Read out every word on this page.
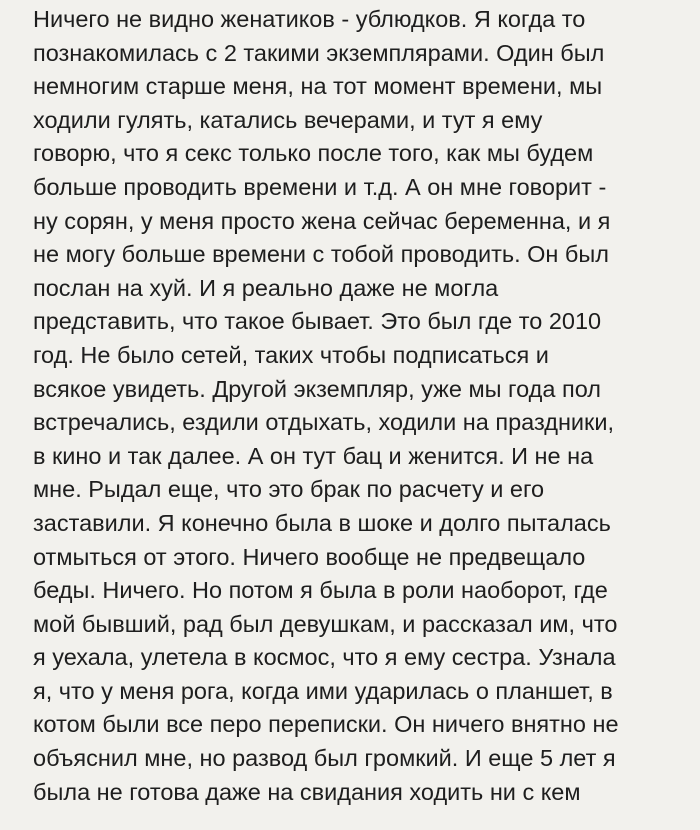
Ничего не видно женатиков - ублюдков. Я когда то
познакомилась с 2 такими экземплярами. Один был
немногим старше меня, на тот момент времени, мы
ходили гулять, катались вечерами, и тут я ему
говорю, что я секс только после того, как мы будем
больше проводить времени и т.д. А он мне говорит -
ну сорян, у меня просто жена сейчас беременна, и я
не могу больше времени с тобой проводить. Он был
послан на хуй. И я реально даже не могла
представить, что такое бывает. Это был где то 2010
год. Не было сетей, таких чтобы подписаться и
всякое увидеть. Другой экземпляр, уже мы года пол
встречались, ездили отдыхать, ходили на праздники,
в кино и так далее. А он тут бац и женится. И не на
мне. Рыдал еще, что это брак по расчету и его
заставили. Я конечно была в шоке и долго пыталась
отмыться от этого. Ничего вообще не предвещало
беды. Ничего. Но потом я была в роли наоборот, где
мой бывший, рад был девушкам, и рассказал им, что
я уехала, улетела в космос, что я ему сестра. Узнала
я, что у меня рога, когда ими ударилась о планшет, в
котом были все перо переписки. Он ничего внятно не
объяснил мне, но развод был громкий. И еще 5 лет я
была не готова даже на свидания ходить ни с кем
